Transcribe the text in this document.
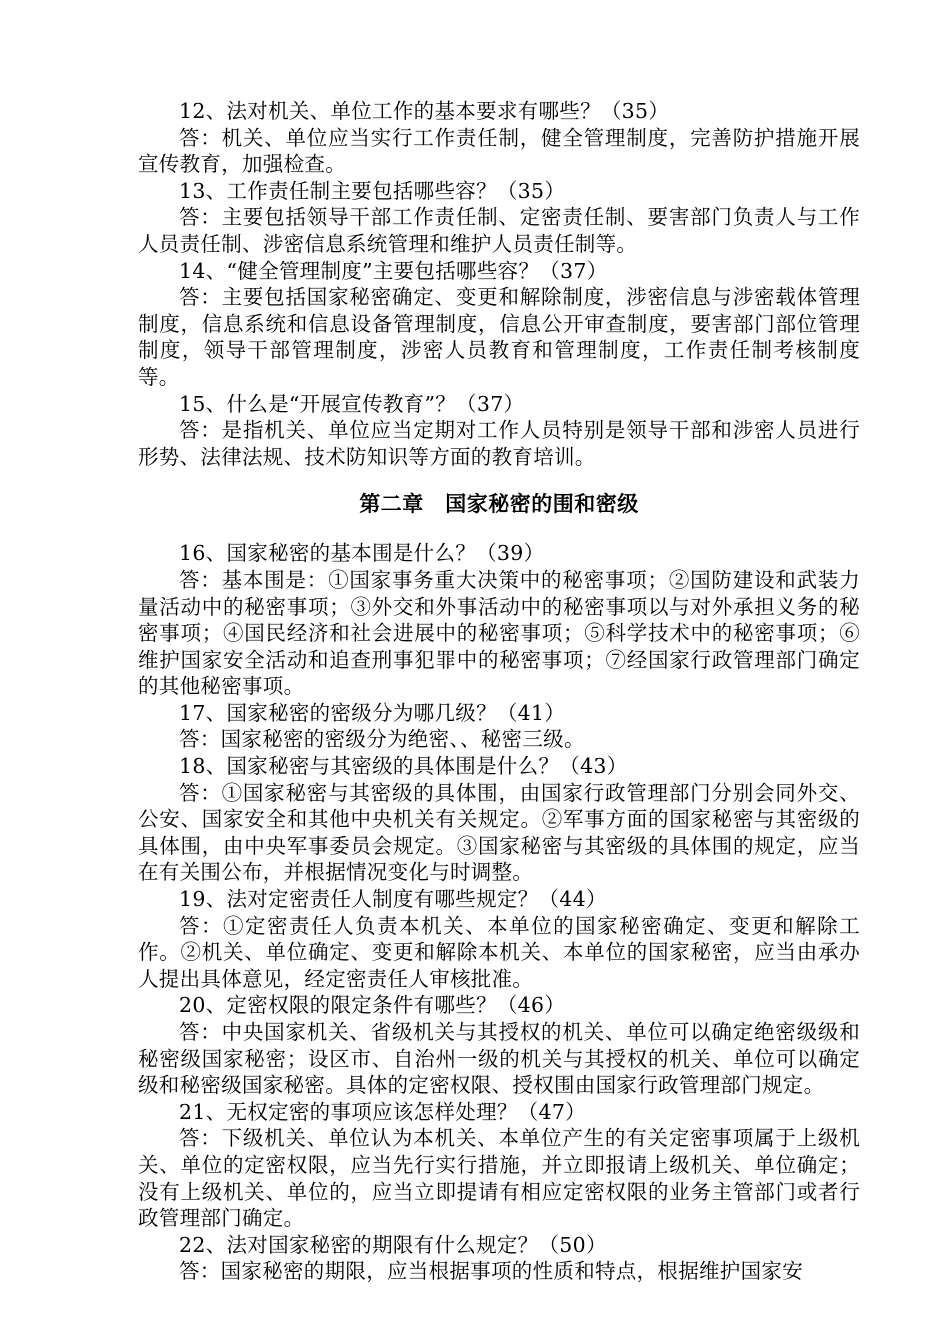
12、法对机关、单位工作的基本要求有哪些？（35）

答：机关、单位应当实行工作责任制，健全管理制度，完善防护措施开展宣传教育，加强检查。

13、工作责任制主要包括哪些容？（35）

答：主要包括领导干部工作责任制、定密责任制、要害部门负责人与工作人员责任制、涉密信息系统管理和维护人员责任制等。

14、“健全管理制度”主要包括哪些容？（37）

答：主要包括国家秘密确定、变更和解除制度，涉密信息与涉密载体管理制度，信息系统和信息设备管理制度，信息公开审查制度，要害部门部位管理制度，领导干部管理制度，涉密人员教育和管理制度，工作责任制考核制度等。

15、什么是“开展宣传教育”？（37）

答：是指机关、单位应当定期对工作人员特别是领导干部和涉密人员进行形势、法律法规、技术防知识等方面的教育培训。

第二章　国家秘密的围和密级

16、国家秘密的基本围是什么？（39）

答：基本围是：①国家事务重大决策中的秘密事项；②国防建设和武装力量活动中的秘密事项；③外交和外事活动中的秘密事项以与对外承担义务的秘密事项；④国民经济和社会进展中的秘密事项；⑤科学技术中的秘密事项；⑥维护国家安全活动和追查刑事犯罪中的秘密事项；⑦经国家行政管理部门确定的其他秘密事项。

17、国家秘密的密级分为哪几级？（41）

答：国家秘密的密级分为绝密、、秘密三级。

18、国家秘密与其密级的具体围是什么？（43）

答：①国家秘密与其密级的具体围，由国家行政管理部门分别会同外交、公安、国家安全和其他中央机关有关规定。②军事方面的国家秘密与其密级的具体围，由中央军事委员会规定。③国家秘密与其密级的具体围的规定，应当在有关围公布，并根据情况变化与时调整。

19、法对定密责任人制度有哪些规定？（44）

答：①定密责任人负责本机关、本单位的国家秘密确定、变更和解除工作。②机关、单位确定、变更和解除本机关、本单位的国家秘密，应当由承办人提出具体意见，经定密责任人审核批准。

20、定密权限的限定条件有哪些？（46）

答：中央国家机关、省级机关与其授权的机关、单位可以确定绝密级级和秘密级国家秘密；设区市、自治州一级的机关与其授权的机关、单位可以确定级和秘密级国家秘密。具体的定密权限、授权围由国家行政管理部门规定。

21、无权定密的事项应该怎样处理？（47）

答：下级机关、单位认为本机关、本单位产生的有关定密事项属于上级机关、单位的定密权限，应当先行实行措施，并立即报请上级机关、单位确定；没有上级机关、单位的，应当立即提请有相应定密权限的业务主管部门或者行政管理部门确定。

22、法对国家秘密的期限有什么规定？（50）

答：国家秘密的期限，应当根据事项的性质和特点，根据维护国家安
